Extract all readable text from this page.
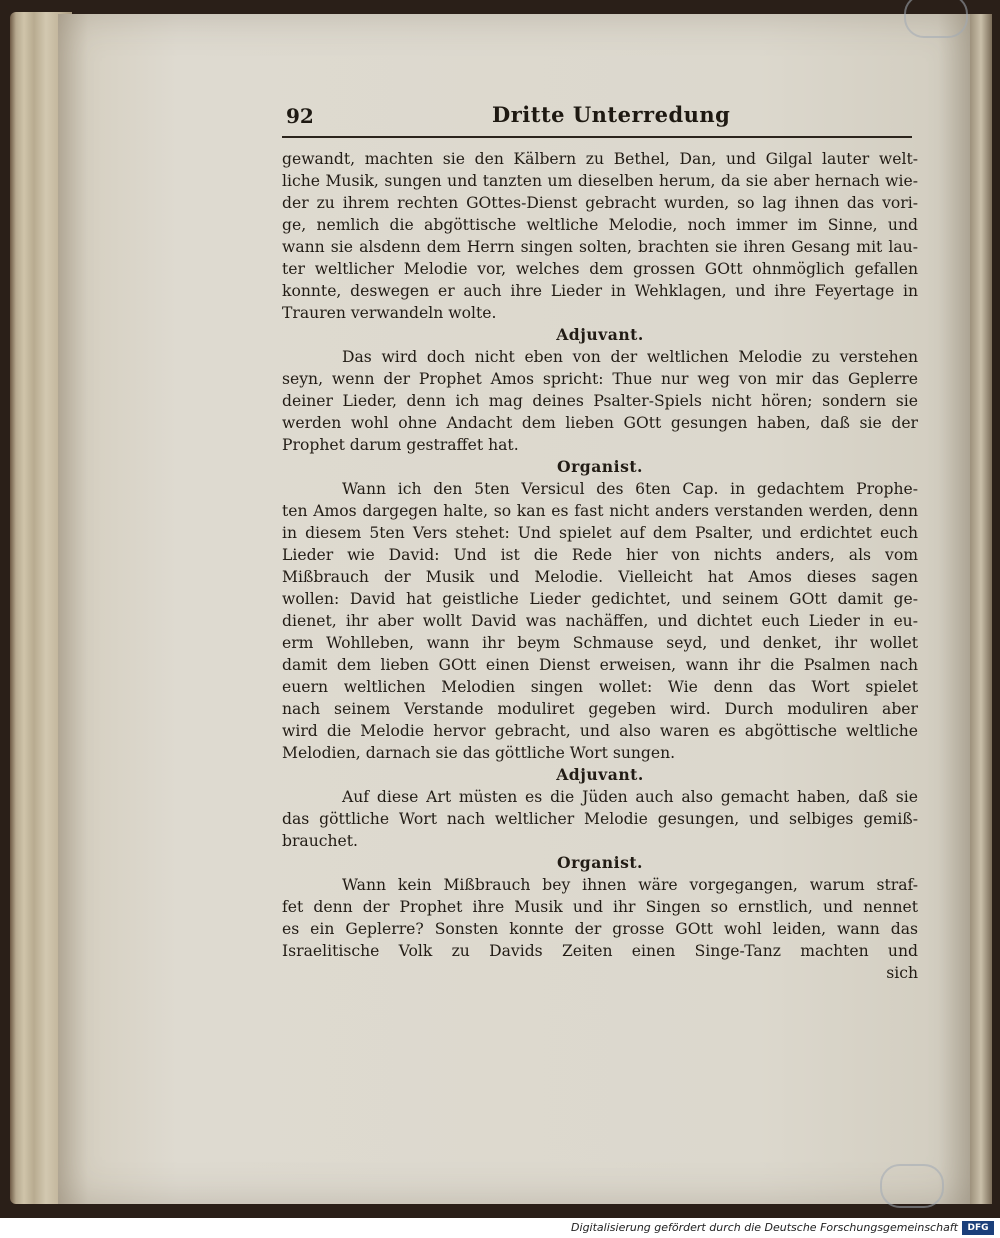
92	Dritte Unterredung
gewandt, machten sie den Kälbern zu Bethel, Dan, und Gilgal lauter welt-
liche Musik, sungen und tanzten um dieselben herum, da sie aber hernach wie-
der zu ihrem rechten GOttes-Dienst gebracht wurden, so lag ihnen das vori-
ge, nemlich die abgöttische weltliche Melodie, noch immer im Sinne, und
wann sie alsdenn dem Herrn singen solten, brachten sie ihren Gesang mit lau-
ter weltlicher Melodie vor, welches dem grossen GOtt ohnmöglich gefallen
konnte, deswegen er auch ihre Lieder in Wehklagen, und ihre Feyertage in
Trauren verwandeln wolte.
Adjuvant.
Das wird doch nicht eben von der weltlichen Melodie zu verstehen
seyn, wenn der Prophet Amos spricht: Thue nur weg von mir das Geplerre
deiner Lieder, denn ich mag deines Psalter-Spiels nicht hören; sondern sie
werden wohl ohne Andacht dem lieben GOtt gesungen haben, daß sie der
Prophet darum gestraffet hat.
Organist.
Wann ich den 5ten Versicul des 6ten Cap. in gedachtem Prophe-
ten Amos dargegen halte, so kan es fast nicht anders verstanden werden, denn
in diesem 5ten Vers stehet: Und spielet auf dem Psalter, und erdichtet euch
Lieder wie David: Und ist die Rede hier von nichts anders, als vom
Mißbrauch der Musik und Melodie. Vielleicht hat Amos dieses sagen
wollen: David hat geistliche Lieder gedichtet, und seinem GOtt damit ge-
dienet, ihr aber wollt David was nachäffen, und dichtet euch Lieder in eu-
erm Wohlleben, wann ihr beym Schmause seyd, und denket, ihr wollet
damit dem lieben GOtt einen Dienst erweisen, wann ihr die Psalmen nach
euern weltlichen Melodien singen wollet: Wie denn das Wort spielet
nach seinem Verstande moduliret gegeben wird. Durch moduliren aber
wird die Melodie hervor gebracht, und also waren es abgöttische weltliche
Melodien, darnach sie das göttliche Wort sungen.
Adjuvant.
Auf diese Art müsten es die Jüden auch also gemacht haben, daß sie
das göttliche Wort nach weltlicher Melodie gesungen, und selbiges gemiß-
brauchet.
Organist.
Wann kein Mißbrauch bey ihnen wäre vorgegangen, warum straf-
fet denn der Prophet ihre Musik und ihr Singen so ernstlich, und nennet
es ein Geplerre? Sonsten konnte der grosse GOtt wohl leiden, wann das
Israelitische Volk zu Davids Zeiten einen Singe-Tanz machten und
sich
Digitalisierung gefördert durch die Deutsche Forschungsgemeinschaft	DFG
